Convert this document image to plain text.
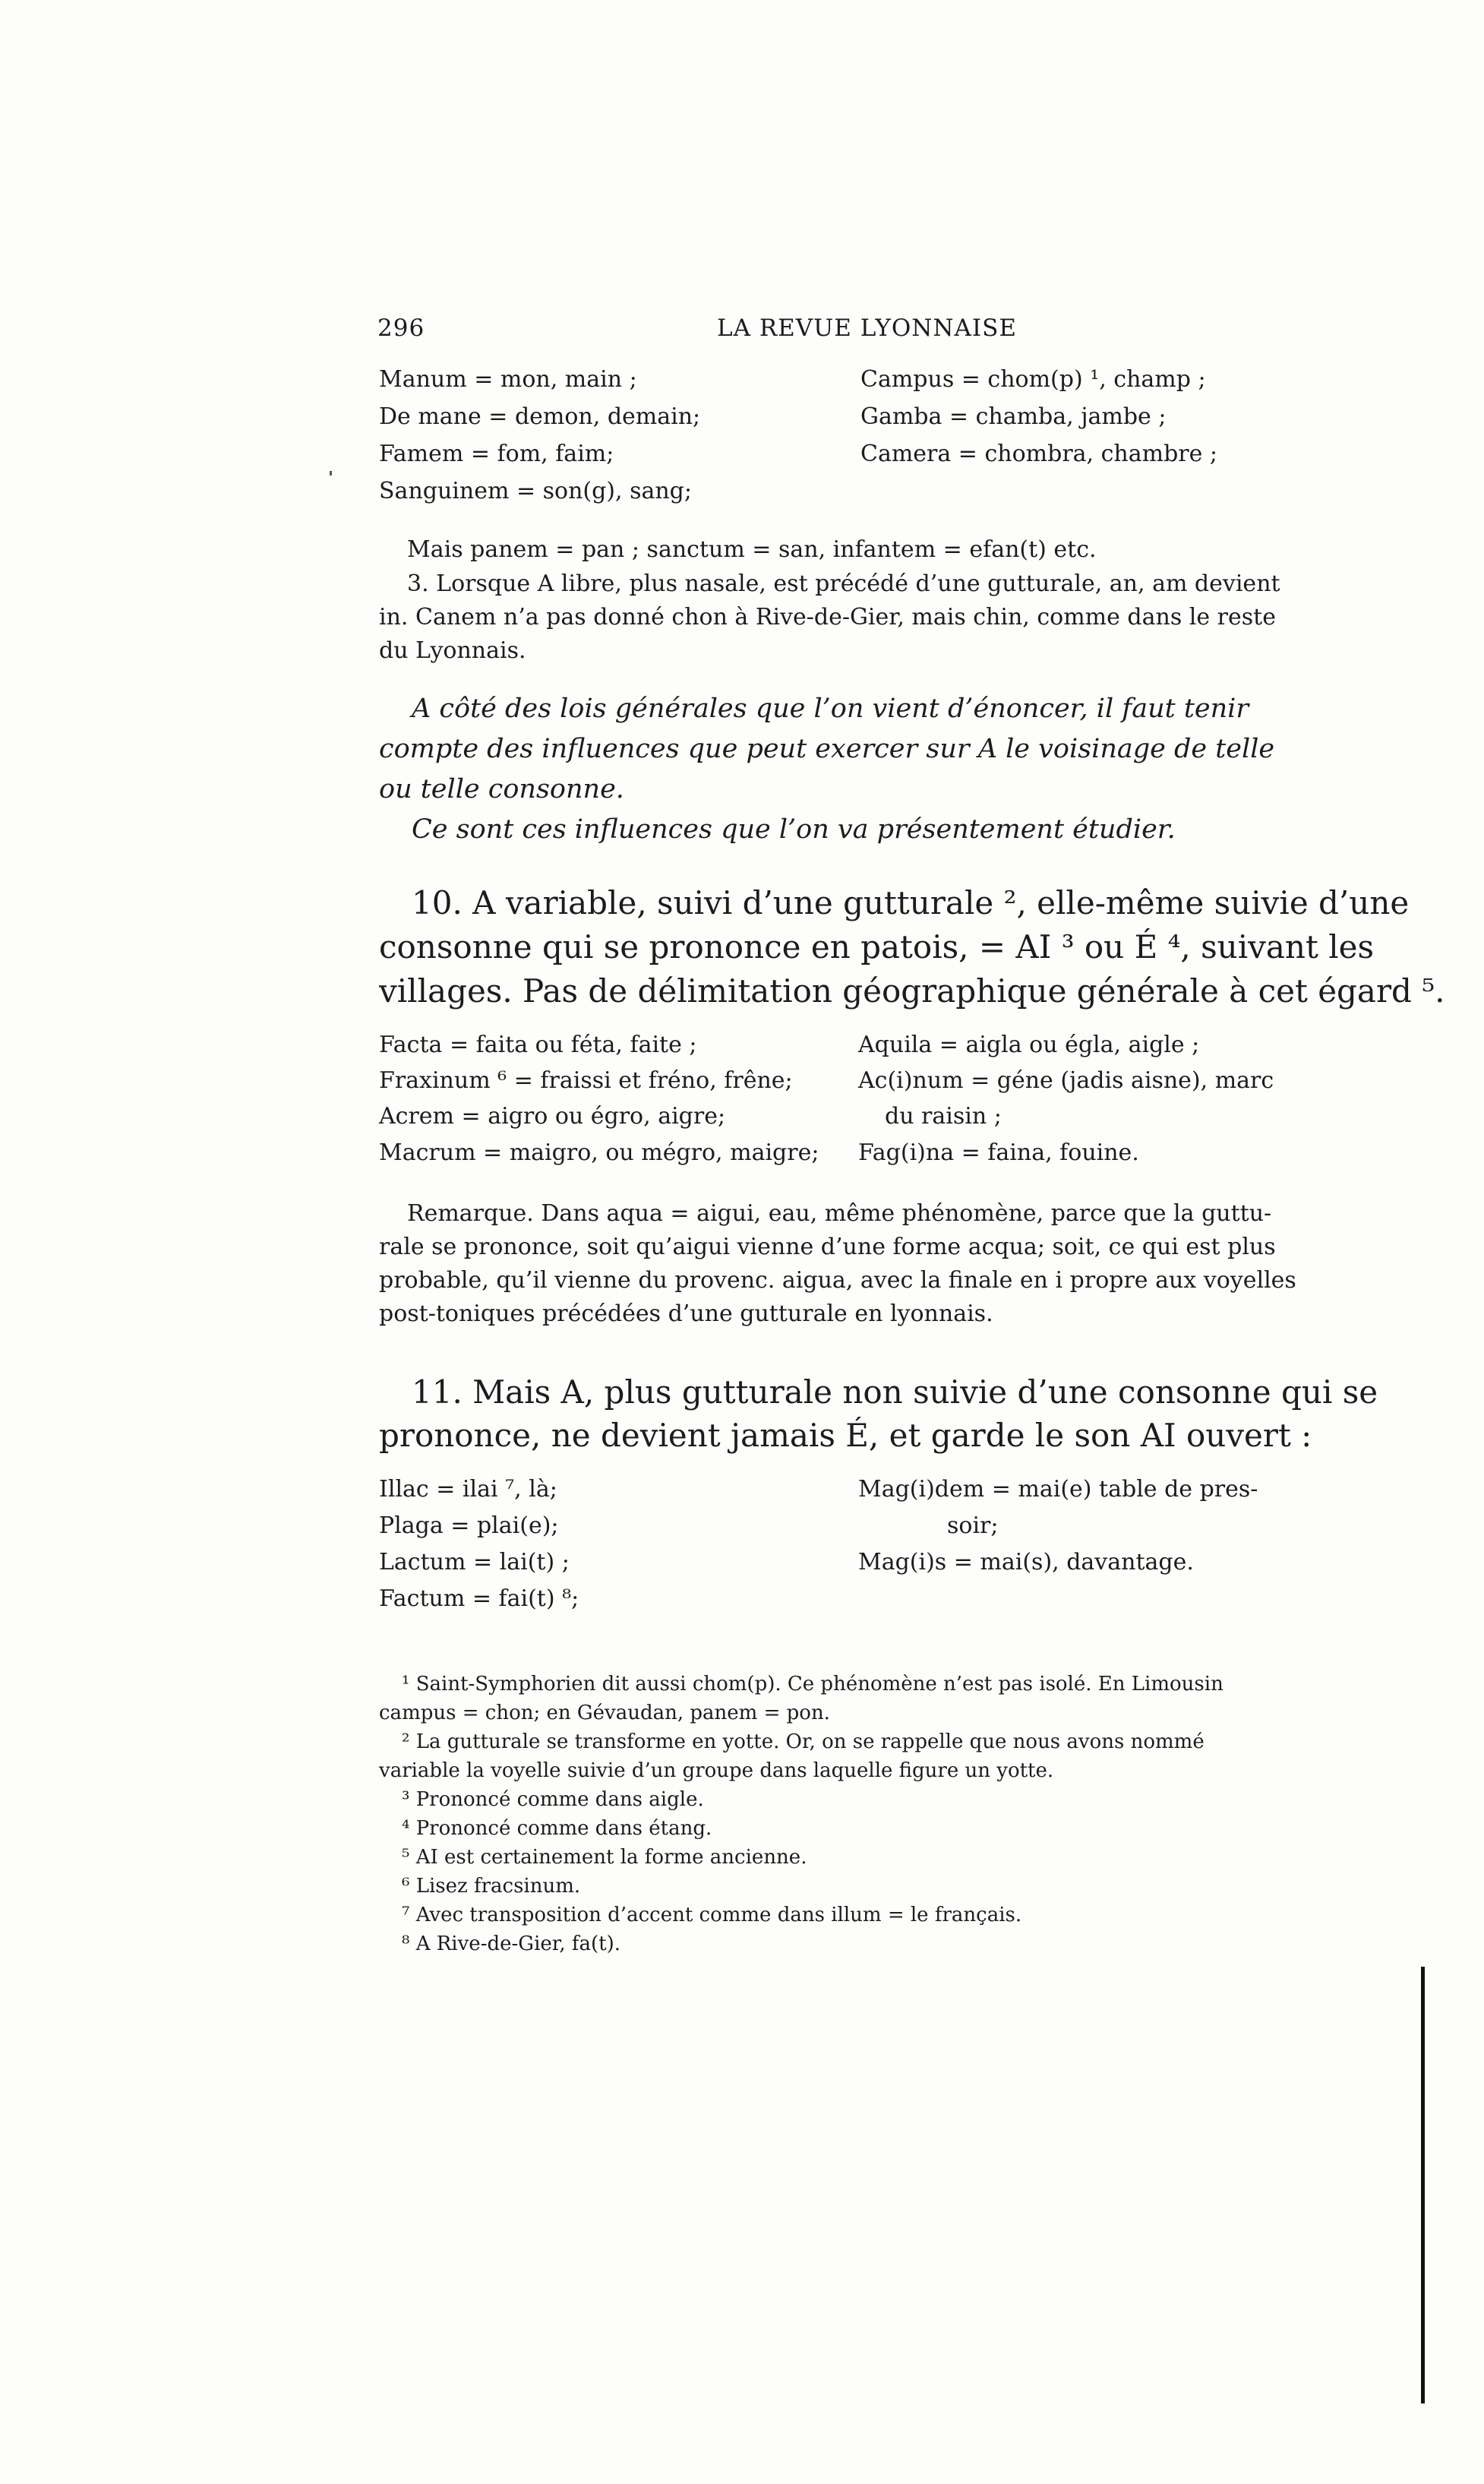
296	LA REVUE LYONNAISE
Manum = mon, main ;
De mane = demon, demain;
Famem = fom, faim;
Sanguinem = son(g), sang;
Campus = chom(p) ¹, champ ;
Gamba = chamba, jambe ;
Camera = chombra, chambre ;
Mais panem = pan ; sanctum = san, infantem = efan(t) etc.
3. Lorsque A libre, plus nasale, est précédé d’une gutturale, an, am devient
in. Canem n’a pas donné chon à Rive-de-Gier, mais chin, comme dans le reste
du Lyonnais.
A côté des lois générales que l’on vient d’énoncer, il faut tenir
compte des influences que peut exercer sur A le voisinage de telle
ou telle consonne.
Ce sont ces influences que l’on va présentement étudier.
10. A variable, suivi d’une gutturale ², elle-même suivie d’une
consonne qui se prononce en patois, = AI ³ ou É ⁴, suivant les
villages. Pas de délimitation géographique générale à cet égard ⁵.
Facta = faita ou féta, faite ;
Fraxinum ⁶ = fraissi et fréno, frêne;
Acrem = aigro ou égro, aigre;
Macrum = maigro, ou mégro, maigre;
Aquila = aigla ou égla, aigle ;
Ac(i)num = géne (jadis aisne), marc
du raisin ;
Fag(i)na = faina, fouine.
Remarque. Dans aqua = aigui, eau, même phénomène, parce que la guttu-
rale se prononce, soit qu’aigui vienne d’une forme acqua; soit, ce qui est plus
probable, qu’il vienne du provenc. aigua, avec la finale en i propre aux voyelles
post-toniques précédées d’une gutturale en lyonnais.
11. Mais A, plus gutturale non suivie d’une consonne qui se
prononce, ne devient jamais É, et garde le son AI ouvert :
Illac = ilai ⁷, là;
Plaga = plai(e);
Lactum = lai(t) ;
Factum = fai(t) ⁸;
Mag(i)dem = mai(e) table de pres-
soir;
Mag(i)s = mai(s), davantage.
¹ Saint-Symphorien dit aussi chom(p). Ce phénomène n’est pas isolé. En Limousin
campus = chon; en Gévaudan, panem = pon.
² La gutturale se transforme en yotte. Or, on se rappelle que nous avons nommé
variable la voyelle suivie d’un groupe dans laquelle figure un yotte.
³ Prononcé comme dans aigle.
⁴ Prononcé comme dans étang.
⁵ AI est certainement la forme ancienne.
⁶ Lisez fracsinum.
⁷ Avec transposition d’accent comme dans illum = le français.
⁸ A Rive-de-Gier, fa(t).
